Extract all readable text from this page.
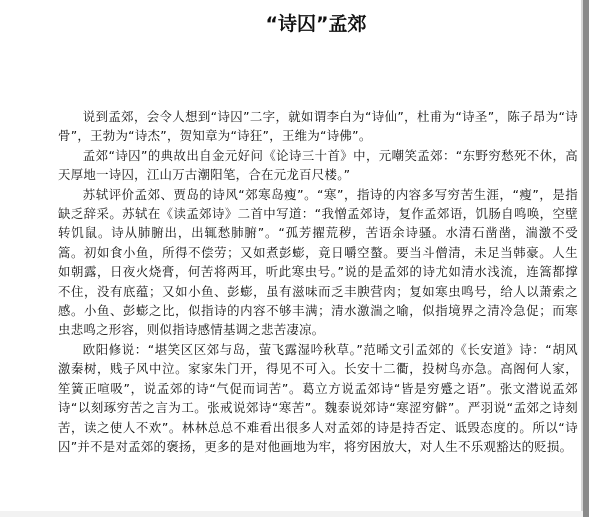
“诗囚”孟郊

说到孟郊，会令人想到“诗囚”二字，就如谓李白为“诗仙”，杜甫为“诗圣”，陈子昂为“诗骨”，王勃为“诗杰”，贺知章为“诗狂”，王维为“诗佛”。

孟郊“诗囚”的典故出自金元好问《论诗三十首》中，元嘲笑孟郊：“东野穷愁死不休，高天厚地一诗囚，江山万古潮阳笔，合在元龙百尺楼。”

苏轼评价孟郊、贾岛的诗风“郊寒岛瘦”。“寒”，指诗的内容多写穷苦生涯，“瘦”，是指缺乏辞采。苏轼在《读孟郊诗》二首中写道：“我憎孟郊诗，复作孟郊语，饥肠自鸣唤，空壁转饥鼠。诗从肺腑出，出辄愁肺腑”。“孤芳擢荒秽，苦语余诗骚。水清石凿凿，湍激不受篙。初如食小鱼，所得不偿劳；又如煮彭蟛，竟日嚼空螯。要当斗僧清，未足当韩豪。人生如朝露，日夜火烧膏，何苦将两耳，听此寒虫号。”说的是孟郊的诗尤如清水浅流，连篙都撑不住，没有底蕴；又如小鱼、彭蟛，虽有滋味而乏丰腴营肉；复如寒虫鸣号，给人以萧索之感。小鱼、彭蟛之比，似指诗的内容不够丰满；清水激湍之喻，似指境界之清冷急促；而寒虫悲鸣之形容，则似指诗感情基调之悲苦凄凉。

欧阳修说：“堪笑区区郊与岛，萤飞露湿吟秋草。”范晞文引孟郊的《长安道》诗：“胡风激秦树，贱子风中泣。家家朱门开，得见不可入。长安十二衢，投树鸟亦急。高阁何人家，笙簧正喧吸”，说孟郊的诗“气促而词苦”。葛立方说孟郊诗“皆是穷蹙之语”。张文潜说孟郊诗“以刻琢穷苦之言为工。张戒说郊诗“寒苦”。魏泰说郊诗“寒涩穷僻”。严羽说“孟郊之诗刻苦，读之使人不欢”。林林总总不难看出很多人对孟郊的诗是持否定、诋毁态度的。所以“诗囚”并不是对孟郊的褒扬，更多的是对他画地为牢，将穷困放大，对人生不乐观豁达的贬损。
